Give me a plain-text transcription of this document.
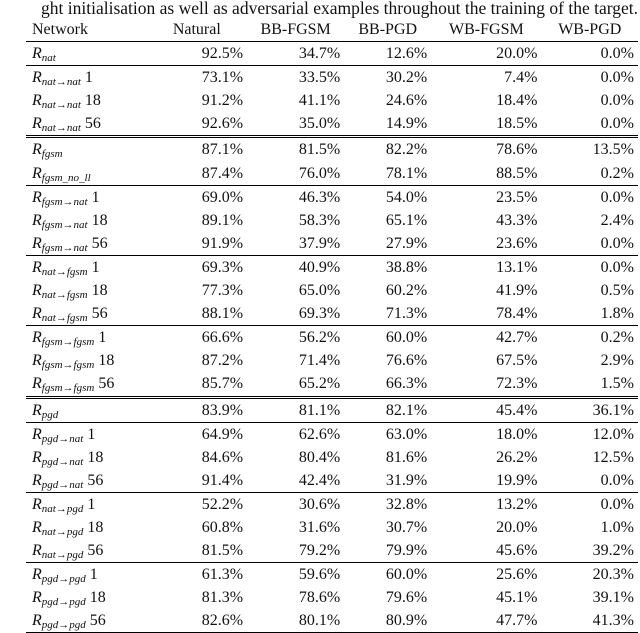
ght initialisation as well as adversarial examples throughout the training of the target.
Network	Natural	BB-FGSM	BB-PGD	WB-FGSM	WB-PGD
$R_{nat}$	92.5%	34.7%	12.6%	20.0%	0.0%
$R_{nat\to nat}$ 1	73.1%	33.5%	30.2%	7.4%	0.0%
$R_{nat\to nat}$ 18	91.2%	41.1%	24.6%	18.4%	0.0%
$R_{nat\to nat}$ 56	92.6%	35.0%	14.9%	18.5%	0.0%
$R_{fgsm}$	87.1%	81.5%	82.2%	78.6%	13.5%
$R_{fgsm\_no\_ll}$	87.4%	76.0%	78.1%	88.5%	0.2%
$R_{fgsm\to nat}$ 1	69.0%	46.3%	54.0%	23.5%	0.0%
$R_{fgsm\to nat}$ 18	89.1%	58.3%	65.1%	43.3%	2.4%
$R_{fgsm\to nat}$ 56	91.9%	37.9%	27.9%	23.6%	0.0%
$R_{nat\to fgsm}$ 1	69.3%	40.9%	38.8%	13.1%	0.0%
$R_{nat\to fgsm}$ 18	77.3%	65.0%	60.2%	41.9%	0.5%
$R_{nat\to fgsm}$ 56	88.1%	69.3%	71.3%	78.4%	1.8%
$R_{fgsm\to fgsm}$ 1	66.6%	56.2%	60.0%	42.7%	0.2%
$R_{fgsm\to fgsm}$ 18	87.2%	71.4%	76.6%	67.5%	2.9%
$R_{fgsm\to fgsm}$ 56	85.7%	65.2%	66.3%	72.3%	1.5%
$R_{pgd}$	83.9%	81.1%	82.1%	45.4%	36.1%
$R_{pgd\to nat}$ 1	64.9%	62.6%	63.0%	18.0%	12.0%
$R_{pgd\to nat}$ 18	84.6%	80.4%	81.6%	26.2%	12.5%
$R_{pgd\to nat}$ 56	91.4%	42.4%	31.9%	19.9%	0.0%
$R_{nat\to pgd}$ 1	52.2%	30.6%	32.8%	13.2%	0.0%
$R_{nat\to pgd}$ 18	60.8%	31.6%	30.7%	20.0%	1.0%
$R_{nat\to pgd}$ 56	81.5%	79.2%	79.9%	45.6%	39.2%
$R_{pgd\to pgd}$ 1	61.3%	59.6%	60.0%	25.6%	20.3%
$R_{pgd\to pgd}$ 18	81.3%	78.6%	79.6%	45.1%	39.1%
$R_{pgd\to pgd}$ 56	82.6%	80.1%	80.9%	47.7%	41.3%
